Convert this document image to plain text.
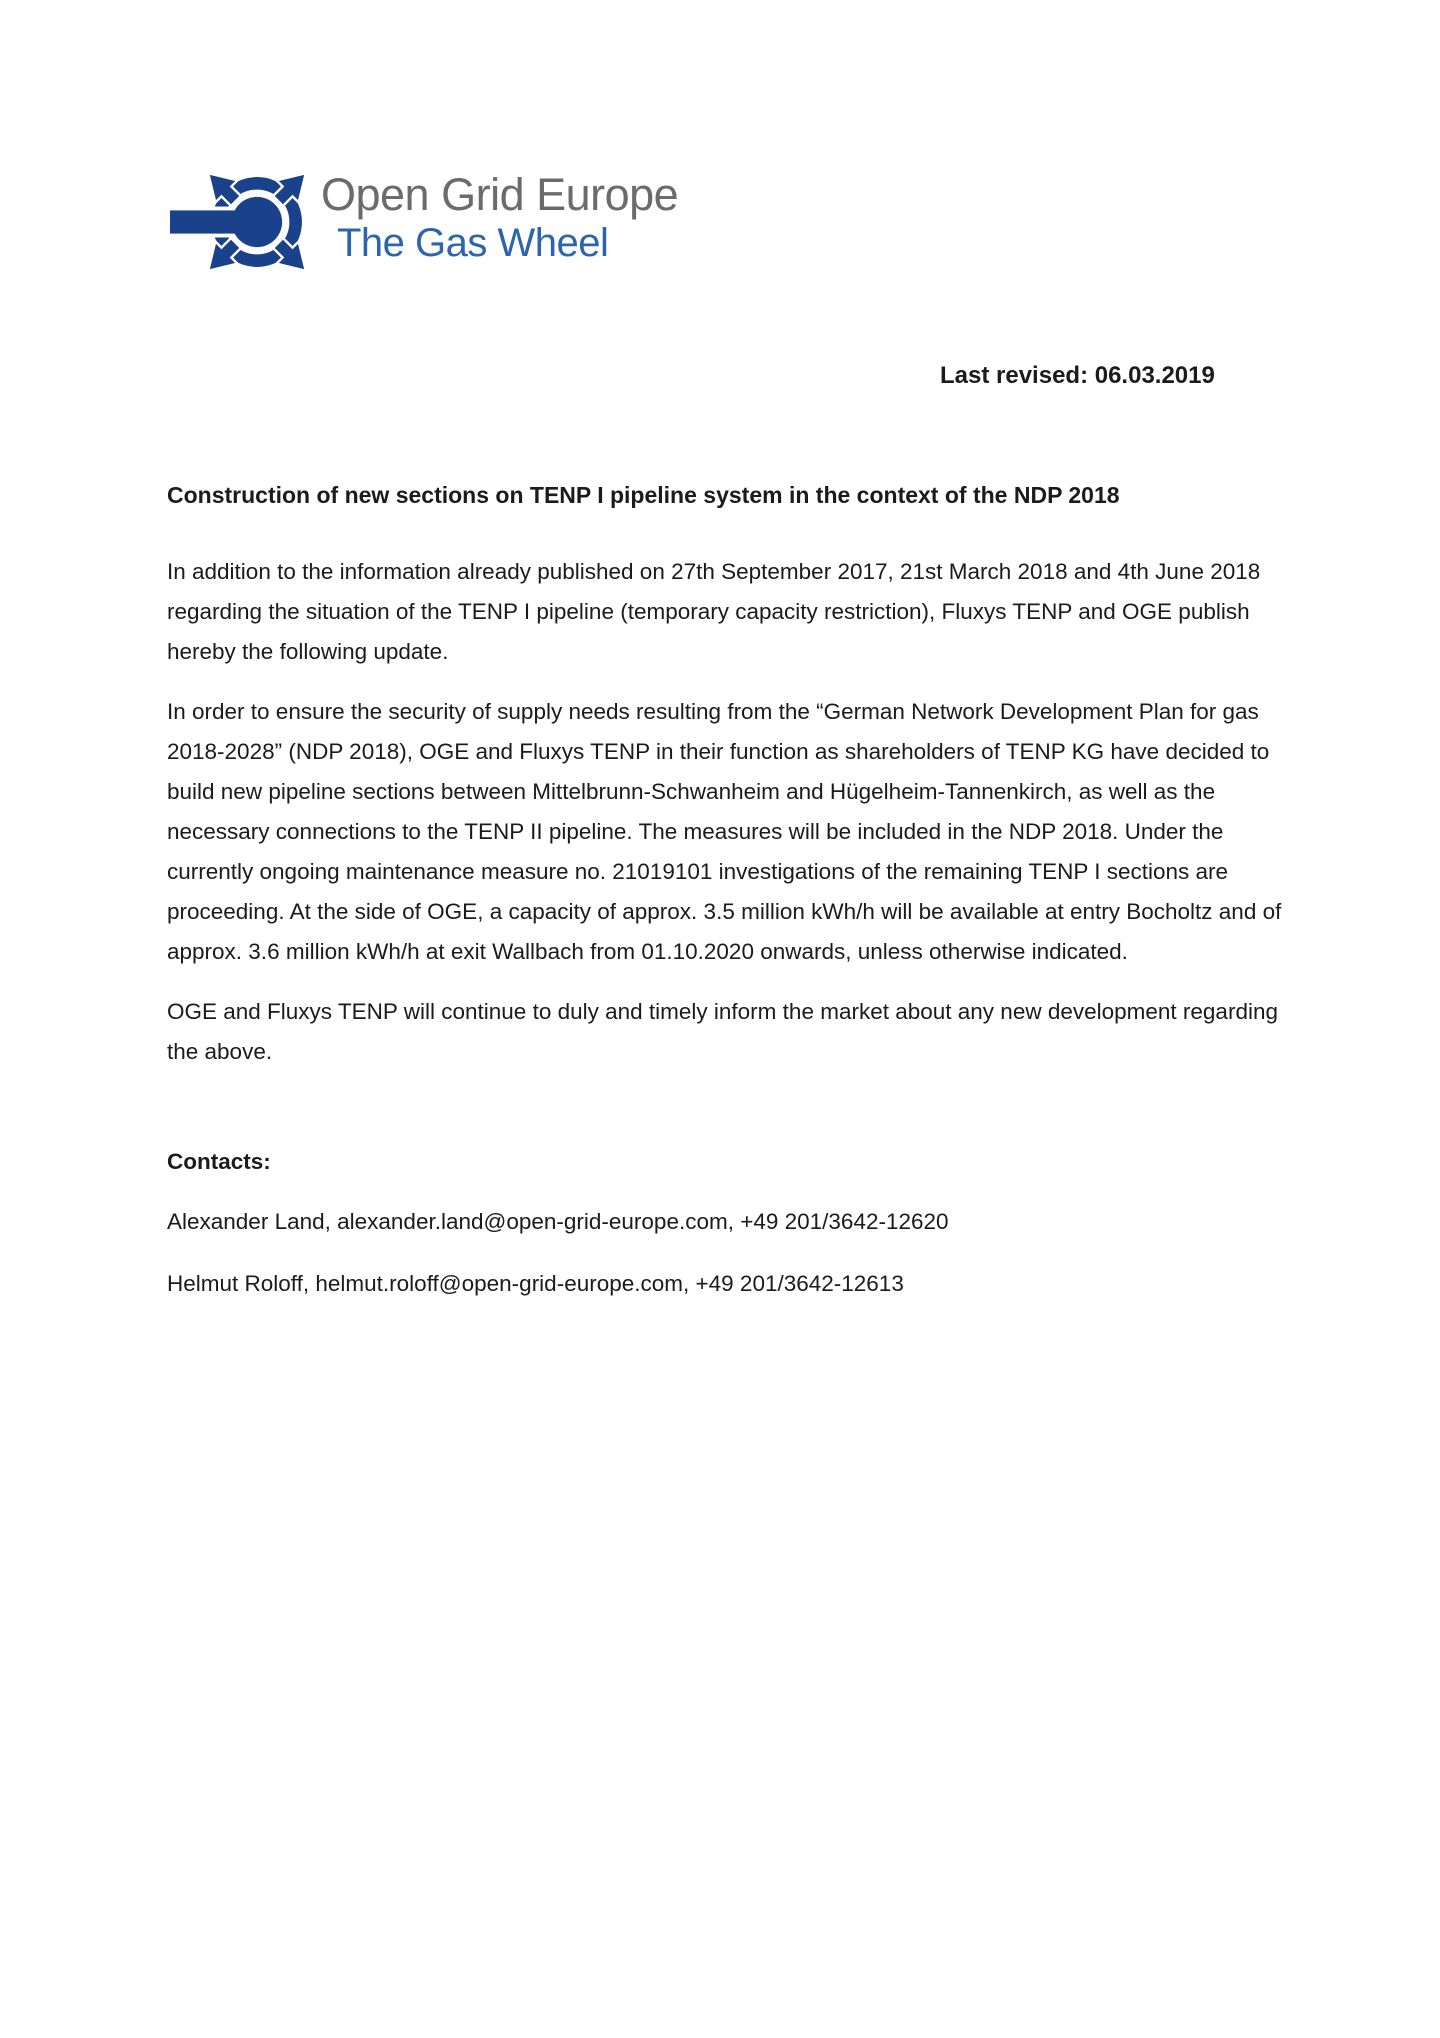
Open Grid Europe
The Gas Wheel
Last revised: 06.03.2019
Construction of new sections on TENP I pipeline system in the context of the NDP 2018

In addition to the information already published on 27th September 2017, 21st March 2018 and 4th June 2018 regarding the situation of the TENP I pipeline (temporary capacity restriction), Fluxys TENP and OGE publish hereby the following update.

In order to ensure the security of supply needs resulting from the “German Network Development Plan for gas 2018-2028” (NDP 2018), OGE and Fluxys TENP in their function as shareholders of TENP KG have decided to build new pipeline sections between Mittelbrunn-Schwanheim and Hügelheim-Tannenkirch, as well as the necessary connections to the TENP II pipeline. The measures will be included in the NDP 2018. Under the currently ongoing maintenance measure no. 21019101 investigations of the remaining TENP I sections are proceeding. At the side of OGE, a capacity of approx. 3.5 million kWh/h will be available at entry Bocholtz and of approx. 3.6 million kWh/h at exit Wallbach from 01.10.2020 onwards, unless otherwise indicated.

OGE and Fluxys TENP will continue to duly and timely inform the market about any new development regarding the above.

Contacts:

Alexander Land, alexander.land@open-grid-europe.com, +49 201/3642-12620

Helmut Roloff, helmut.roloff@open-grid-europe.com, +49 201/3642-12613
